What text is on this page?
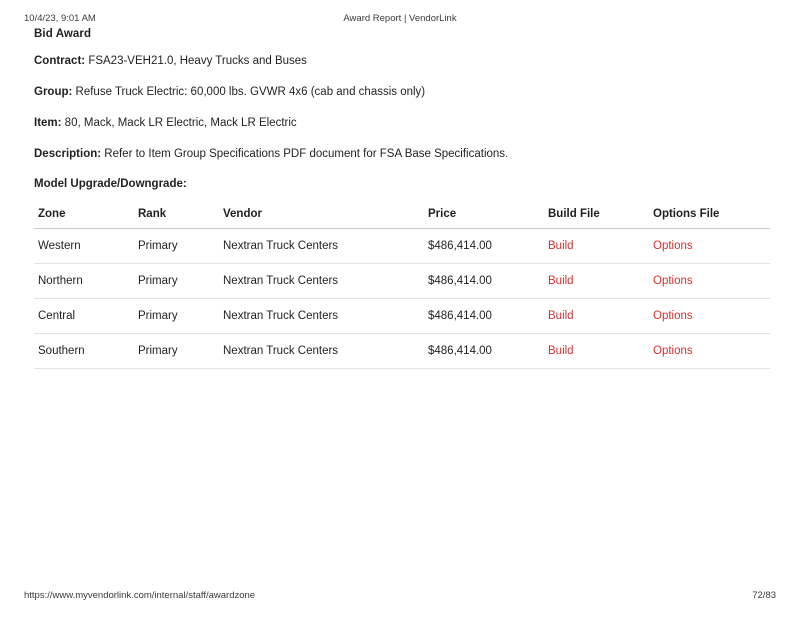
10/4/23, 9:01 AM	Award Report | VendorLink
Bid Award
Contract: FSA23-VEH21.0, Heavy Trucks and Buses
Group: Refuse Truck Electric: 60,000 lbs. GVWR 4x6 (cab and chassis only)
Item: 80, Mack, Mack LR Electric, Mack LR Electric
Description: Refer to Item Group Specifications PDF document for FSA Base Specifications.
Model Upgrade/Downgrade:
Zone	Rank	Vendor	Price	Build File	Options File
Western	Primary	Nextran Truck Centers	$486,414.00	Build	Options
Northern	Primary	Nextran Truck Centers	$486,414.00	Build	Options
Central	Primary	Nextran Truck Centers	$486,414.00	Build	Options
Southern	Primary	Nextran Truck Centers	$486,414.00	Build	Options
https://www.myvendorlink.com/internal/staff/awardzone	72/83
